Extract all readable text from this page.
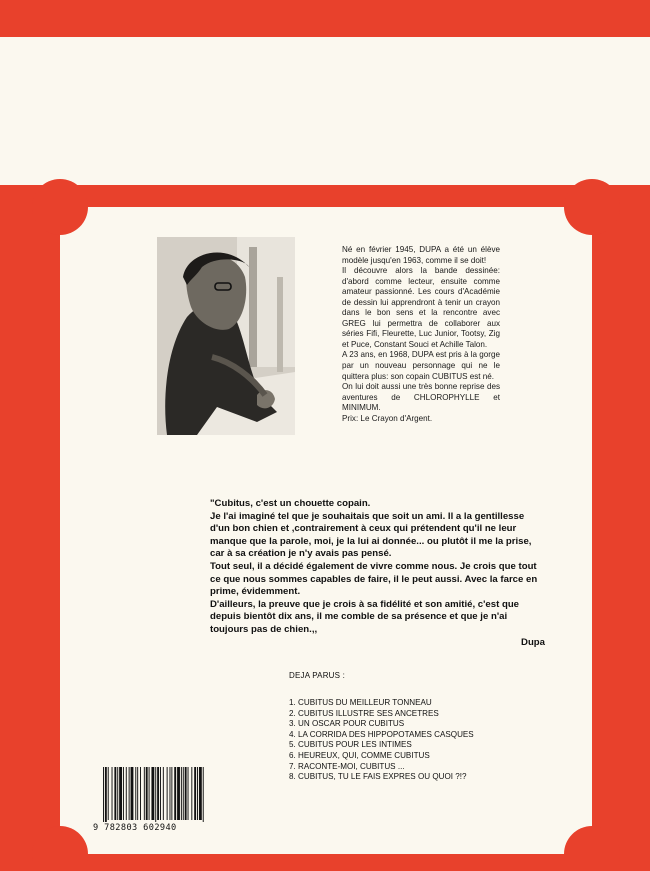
Né en février 1945, DUPA a été un élève modèle jusqu'en 1963, comme il se doit!

Il découvre alors la bande dessinée: d'abord comme lecteur, ensuite comme amateur passionné. Les cours d'Académie de dessin lui apprendront à tenir un crayon dans le bon sens et la rencontre avec GREG lui permettra de collaborer aux séries Fifi, Fleurette, Luc Junior, Tootsy, Zig et Puce, Constant Souci et Achille Talon.

A 23 ans, en 1968, DUPA est pris à la gorge par un nouveau personnage qui ne le quittera plus: son copain CUBITUS est né.

On lui doit aussi une très bonne reprise des aventures de CHLOROPHYLLE et MINIMUM.

Prix: Le Crayon d'Argent.

"Cubitus, c'est un chouette copain.

Je l'ai imaginé tel que je souhaitais que soit un ami. Il a la gentillesse d'un bon chien et ,contrairement à ceux qui prétendent qu'il ne leur manque que la parole, moi, je la lui ai donnée... ou plutôt il me la prise, car à sa création je n'y avais pas pensé.

Tout seul, il a décidé également de vivre comme nous. Je crois que tout ce que nous sommes capables de faire, il le peut aussi. Avec la farce en prime, évidemment.

D'ailleurs, la preuve que je crois à sa fidélité et son amitié, c'est que depuis bientôt dix ans, il me comble de sa présence et que je n'ai toujours pas de chien.,,

Dupa

DEJA PARUS :
1. CUBITUS DU MEILLEUR TONNEAU
2. CUBITUS ILLUSTRE SES ANCETRES
3. UN OSCAR POUR CUBITUS
4. LA CORRIDA DES HIPPOPOTAMES CASQUES
5. CUBITUS POUR LES INTIMES
6. HEUREUX, QUI, COMME CUBITUS
7. RACONTE-MOI, CUBITUS ...
8. CUBITUS, TU LE FAIS EXPRES OU QUOI ?!?
9 782803 602940
